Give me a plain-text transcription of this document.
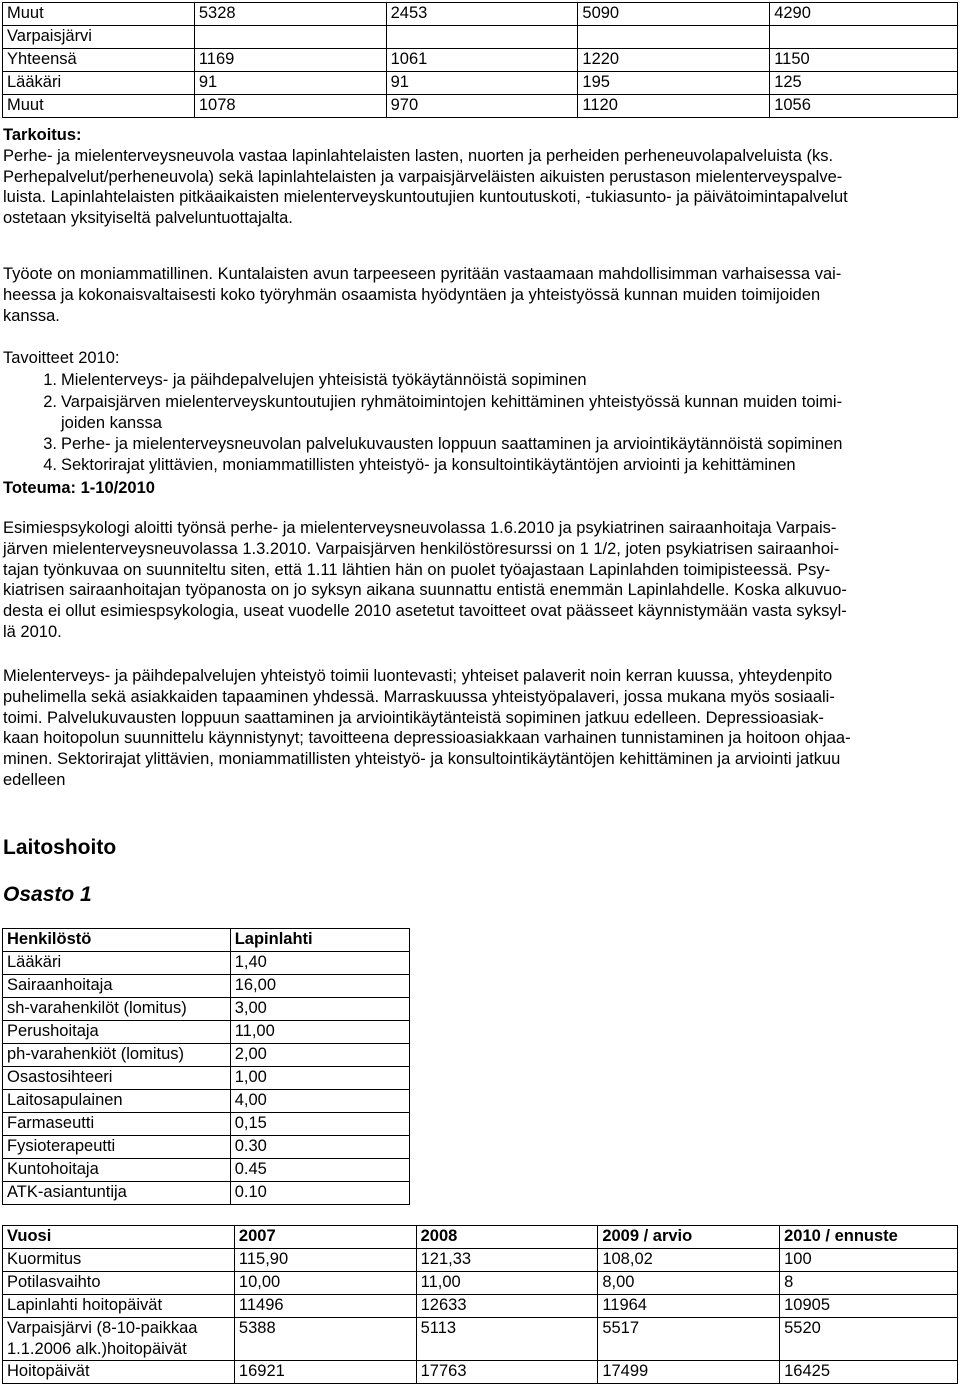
Muut	5328	2453	5090	4290
Varpaisjärvi				
Yhteensä	1169	1061	1220	1150
Lääkäri	91	91	195	125
Muut	1078	970	1120	1056
Tarkoitus:
Perhe- ja mielenterveysneuvola vastaa lapinlahtelaisten lasten, nuorten ja perheiden perheneuvolapalveluista (ks.
Perhepalvelut/perheneuvola) sekä lapinlahtelaisten ja varpaisjärveläisten aikuisten perustason mielenterveyspalve-
luista. Lapinlahtelaisten pitkäaikaisten mielenterveyskuntoutujien kuntoutuskoti, -tukiasunto- ja päivätoimintapalvelut
ostetaan yksityiseltä palveluntuottajalta.
Työote on moniammatillinen. Kuntalaisten avun tarpeeseen pyritään vastaamaan mahdollisimman varhaisessa vai-
heessa ja kokonaisvaltaisesti koko työryhmän osaamista hyödyntäen ja yhteistyössä kunnan muiden toimijoiden
kanssa.
Tavoitteet 2010:
1. Mielenterveys- ja päihdepalvelujen yhteisistä työkäytännöistä sopiminen
2. Varpaisjärven mielenterveyskuntoutujien ryhmätoimintojen kehittäminen yhteistyössä kunnan muiden toimi-
joiden kanssa
3. Perhe- ja mielenterveysneuvolan palvelukuvausten loppuun saattaminen ja arviointikäytännöistä sopiminen
4. Sektorirajat ylittävien, moniammatillisten yhteistyö- ja konsultointikäytäntöjen arviointi ja kehittäminen
Toteuma: 1-10/2010
Esimiespsykologi aloitti työnsä perhe- ja mielenterveysneuvolassa 1.6.2010 ja psykiatrinen sairaanhoitaja Varpais-
järven mielenterveysneuvolassa 1.3.2010. Varpaisjärven henkilöstöresurssi on 1 1/2, joten psykiatrisen sairaanhoi-
tajan työnkuvaa on suunniteltu siten, että 1.11 lähtien hän on puolet työajastaan Lapinlahden toimipisteessä. Psy-
kiatrisen sairaanhoitajan työpanosta on jo syksyn aikana suunnattu entistä enemmän Lapinlahdelle. Koska alkuvuo-
desta ei ollut esimiespsykologia, useat vuodelle 2010 asetetut tavoitteet ovat päässeet käynnistymään vasta syksyl-
lä 2010.
Mielenterveys- ja päihdepalvelujen yhteistyö toimii luontevasti; yhteiset palaverit noin kerran kuussa, yhteydenpito
puhelimella sekä asiakkaiden tapaaminen yhdessä. Marraskuussa yhteistyöpalaveri, jossa mukana myös sosiaali-
toimi. Palvelukuvausten loppuun saattaminen ja arviointikäytänteistä sopiminen jatkuu edelleen. Depressioasiak-
kaan hoitopolun suunnittelu käynnistynyt; tavoitteena depressioasiakkaan varhainen tunnistaminen ja hoitoon ohjaa-
minen. Sektorirajat ylittävien, moniammatillisten yhteistyö- ja konsultointikäytäntöjen kehittäminen ja arviointi jatkuu
edelleen
Laitoshoito
Osasto 1
Henkilöstö	Lapinlahti
Lääkäri	1,40
Sairaanhoitaja	16,00
sh-varahenkilöt (lomitus)	3,00
Perushoitaja	11,00
ph-varahenkiöt (lomitus)	2,00
Osastosihteeri	1,00
Laitosapulainen	4,00
Farmaseutti	0,15
Fysioterapeutti	0.30
Kuntohoitaja	0.45
ATK-asiantuntija	0.10
Vuosi	2007	2008	2009 / arvio	2010 / ennuste
Kuormitus	115,90	121,33	108,02	100
Potilasvaihto	10,00	11,00	8,00	8
Lapinlahti hoitopäivät	11496	12633	11964	10905

Varpaisjärvi (8-10-paikkaa
1.1.2006 alk.)hoitopäivät	5388	5113	5517	5520
Hoitopäivät	16921	17763	17499	16425
